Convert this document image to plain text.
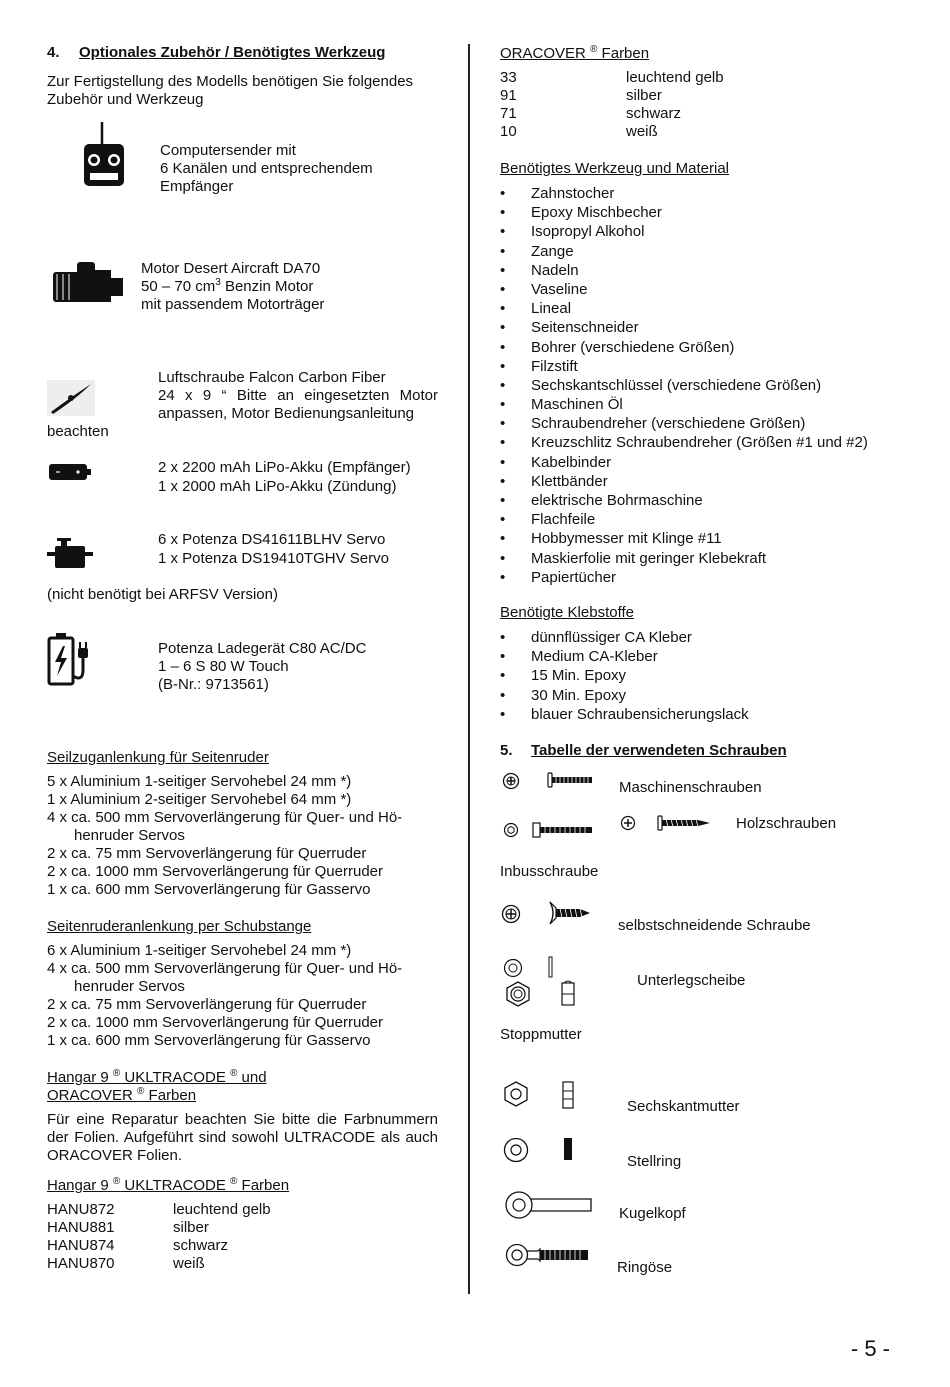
4. Optionales Zubehör / Benötigtes Werkzeug
Zur Fertigstellung des Modells benötigen Sie folgendes Zubehör und Werkzeug
Computersender mit
6 Kanälen und entsprechendem
Empfänger
Motor Desert Aircraft DA70
50 – 70 $cm^3$ Benzin Motor
mit passendem Motorträger
Luftschraube Falcon Carbon Fiber
24 x 9 “ Bitte an eingesetzten Motor anpassen, Motor Bedienungsanleitung
beachten
2 x 2200 mAh LiPo-Akku (Empfänger)
1 x 2000 mAh LiPo-Akku (Zündung)
6 x Potenza DS41611BLHV Servo
1 x Potenza DS19410TGHV Servo
(nicht benötigt bei ARFSV Version)
Potenza Ladegerät C80 AC/DC
1 – 6 S 80 W Touch
(B-Nr.: 9713561)
Seilzuganlenkung für Seitenruder
5 x Aluminium 1-seitiger Servohebel 24 mm *)
1 x Aluminium 2-seitiger Servohebel 64 mm *)
4 x ca. 500 mm Servoverlängerung für Quer- und Hö-
henruder Servos
2 x ca. 75 mm Servoverlängerung für Querruder
2 x ca. 1000 mm Servoverlängerung für Querruder
1 x ca. 600 mm Servoverlängerung für Gasservo
Seitenruderanlenkung per Schubstange
6 x Aluminium 1-seitiger Servohebel 24 mm *)
4 x ca. 500 mm Servoverlängerung für Quer- und Hö-
henruder Servos
2 x ca. 75 mm Servoverlängerung für Querruder
2 x ca. 1000 mm Servoverlängerung für Querruder
1 x ca. 600 mm Servoverlängerung für Gasservo
Hangar 9 ® UKLTRACODE ® und
ORACOVER ® Farben
Für eine Reparatur beachten Sie bitte die Farbnummern der Folien. Aufgeführt sind sowohl ULTRACODE als auch ORACOVER Folien.
Hangar 9 ® UKLTRACODE ® Farben
HANU872	leuchtend gelb
HANU881	silber
HANU874	schwarz
HANU870	weiß
ORACOVER ® Farben
33	leuchtend gelb
91	silber
71	schwarz
10	weiß
Benötigtes Werkzeug und Material
• Zahnstocher
• Epoxy Mischbecher
• Isopropyl Alkohol
• Zange
• Nadeln
• Vaseline
• Lineal
• Seitenschneider
• Bohrer (verschiedene Größen)
• Filzstift
• Sechskantschlüssel (verschiedene Größen)
• Maschinen Öl
• Schraubendreher (verschiedene Größen)
• Kreuzschlitz Schraubendreher (Größen #1 und #2)
• Kabelbinder
• Klettbänder
• elektrische Bohrmaschine
• Flachfeile
• Hobbymesser mit Klinge #11
• Maskierfolie mit geringer Klebekraft
• Papiertücher
Benötigte Klebstoffe
• dünnflüssiger CA Kleber
• Medium CA-Kleber
• 15 Min. Epoxy
• 30 Min. Epoxy
• blauer Schraubensicherungslack
5. Tabelle der verwendeten Schrauben
Maschinenschrauben
Holzschrauben
Inbusschraube
selbstschneidende Schraube
Unterlegscheibe
Stoppmutter
Sechskantmutter
Stellring
Kugelkopf
Ringöse
- 5 -
